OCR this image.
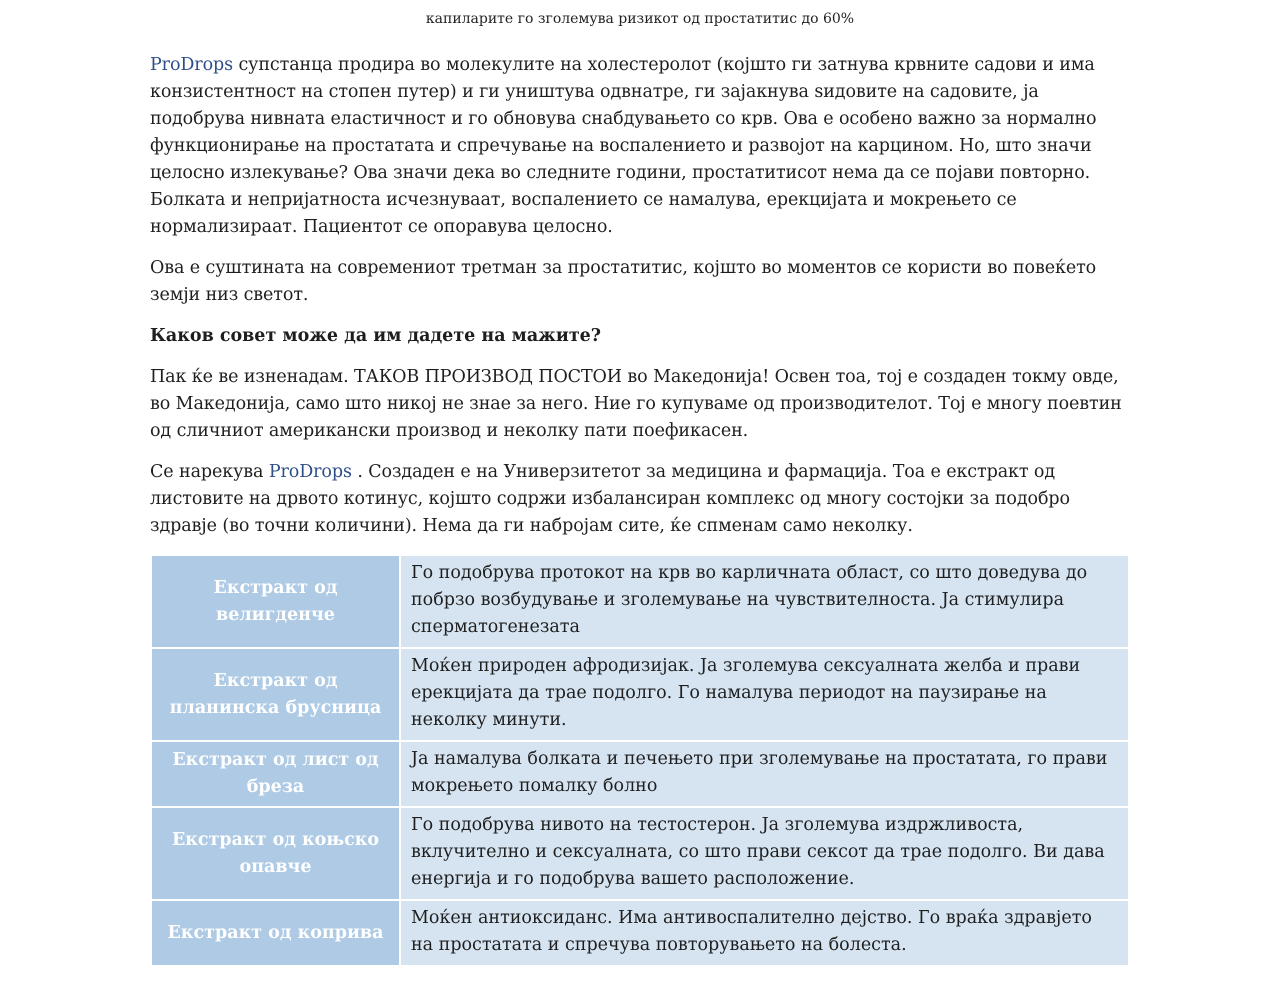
капиларите го зголемува ризикот од простатитис до 60%

ProDrops супстанца продира во молекулите на холестеролот (којшто ги затнува крвните садови и има конзистентност на стопен путер) и ги уништува одвнатре, ги зајакнува ѕидовите на садовите, ја подобрува нивната еластичност и го обновува снабдувањето со крв. Ова е особено важно за нормално функционирање на простатата и спречување на воспалението и развојот на карцином. Но, што значи целосно излекување? Ова значи дека во следните години, простатитисот нема да се појави повторно. Болката и непријатноста исчезнуваат, воспалението се намалува, ерекцијата и мокрењето се нормализираат. Пациентот се опоравува целосно.

Ова е суштината на современиот третман за простатитис, којшто во моментов се користи во повеќето земји низ светот.

Каков совет може да им дадете на мажите?

Пак ќе ве изненадам. ТАКОВ ПРОИЗВОД ПОСТОИ во Македонија! Освен тоа, тој е создаден токму овде, во Македонија, само што никој не знае за него. Ние го купуваме од производителот. Тој е многу поевтин од сличниот американски производ и неколку пати поефикасен.

Се нарекува ProDrops . Создаден е на Универзитетот за медицина и фармација. Тоа е екстракт од листовите на дрвото котинус, којшто содржи избалансиран комплекс од многу состојки за подобро здравје (во точни количини). Нема да ги набројам сите, ќе спменам само неколку.

Екстракт од велигденче	Го подобрува протокот на крв во карличната област, со што доведува до побрзо возбудување и зголемување на чувствителноста. Ја стимулира сперматогенезата
Екстракт од планинска брусница	Моќен природен афродизијак. Ја зголемува сексуалната желба и прави ерекцијата да трае подолго. Го намалува периодот на паузирање на неколку минути.
Екстракт од лист од бреза	Ја намалува болката и печењето при зголемување на простатата, го прави мокрењето помалку болно
Екстракт од коњско опавче	Го подобрува нивото на тестостерон. Ја зголемува издржливоста, вклучително и сексуалната, со што прави сексот да трае подолго. Ви дава енергија и го подобрува вашето расположение.
Екстракт од коприва	Моќен антиоксиданс. Има антивоспалително дејство. Го враќа здравјето на простатата и спречува повторувањето на болеста.
